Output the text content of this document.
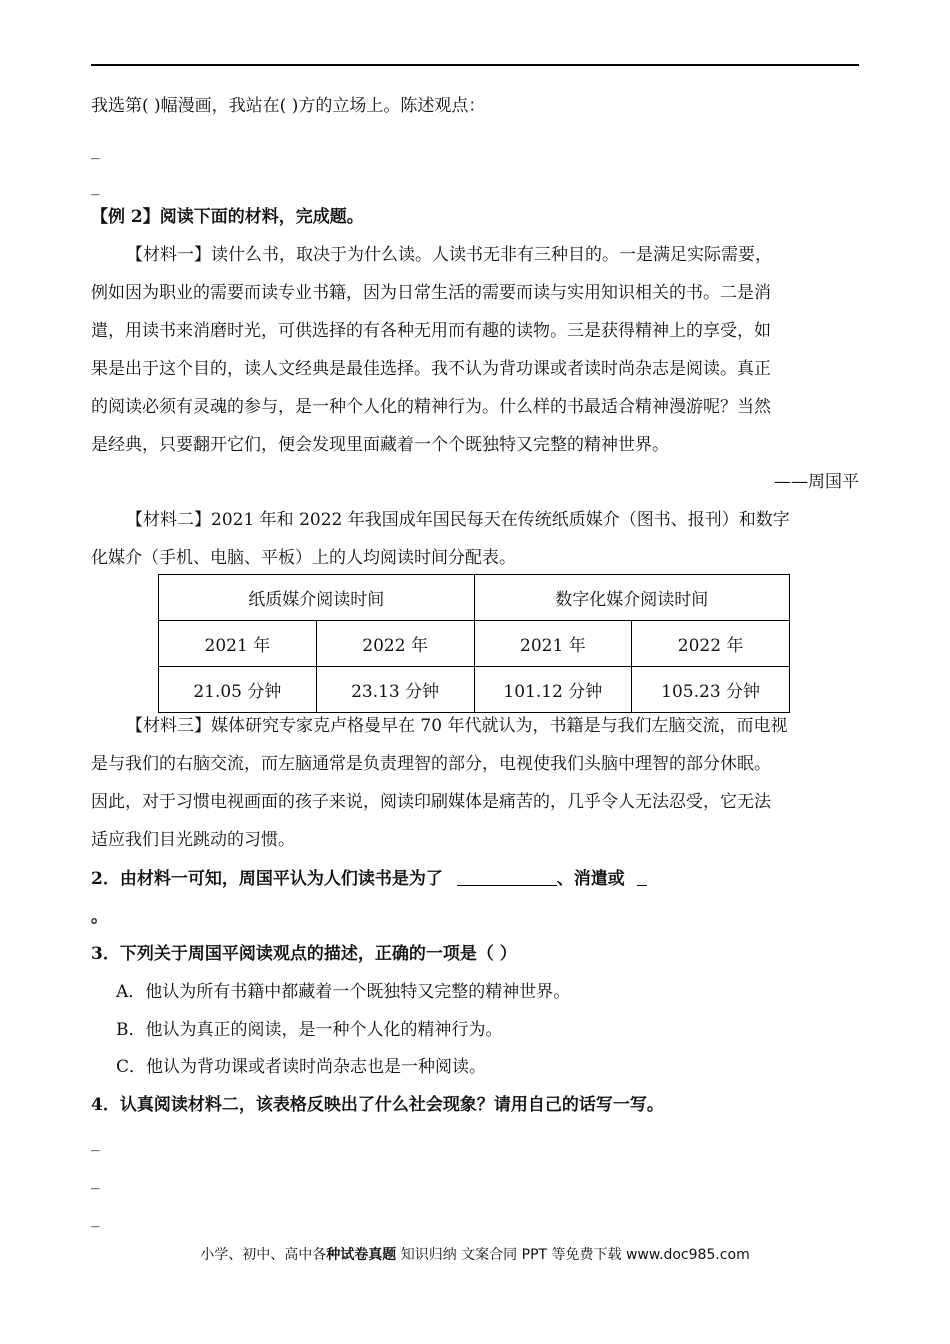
我选第( )幅漫画，我站在( )方的立场上。陈述观点：
_
_
【例 2】阅读下面的材料，完成题。
【材料一】读什么书，取决于为什么读。人读书无非有三种目的。一是满足实际需要，
例如因为职业的需要而读专业书籍，因为日常生活的需要而读与实用知识相关的书。二是消
遣，用读书来消磨时光，可供选择的有各种无用而有趣的读物。三是获得精神上的享受，如
果是出于这个目的，读人文经典是最佳选择。我不认为背功课或者读时尚杂志是阅读。真正
的阅读必须有灵魂的参与，是一种个人化的精神行为。什么样的书最适合精神漫游呢？当然
是经典，只要翻开它们，便会发现里面藏着一个个既独特又完整的精神世界。
——周国平
【材料二】2021 年和 2022 年我国成年国民每天在传统纸质媒介（图书、报刊）和数字
化媒介（手机、电脑、平板）上的人均阅读时间分配表。
纸质媒介阅读时间		数字化媒介阅读时间	
2021 年	2022 年	2021 年	2022 年
21.05 分钟	23.13 分钟	101.12 分钟	105.23 分钟
【材料三】媒体研究专家克卢格曼早在 70 年代就认为，书籍是与我们左脑交流，而电视
是与我们的右脑交流，而左脑通常是负责理智的部分，电视使我们头脑中理智的部分休眠。
因此，对于习惯电视画面的孩子来说，阅读印刷媒体是痛苦的，几乎令人无法忍受，它无法
适应我们目光跳动的习惯。
2．由材料一可知，周国平认为人们读书是为了	、消遣或
。
3．下列关于周国平阅读观点的描述，正确的一项是（ ）
A．他认为所有书籍中都藏着一个既独特又完整的精神世界。
B．他认为真正的阅读，是一种个人化的精神行为。
C．他认为背功课或者读时尚杂志也是一种阅读。
4．认真阅读材料二，该表格反映出了什么社会现象？请用自己的话写一写。
_
_
_
小学、初中、高中各种试卷真题 知识归纳 文案合同 PPT 等免费下载 www.doc985.com
